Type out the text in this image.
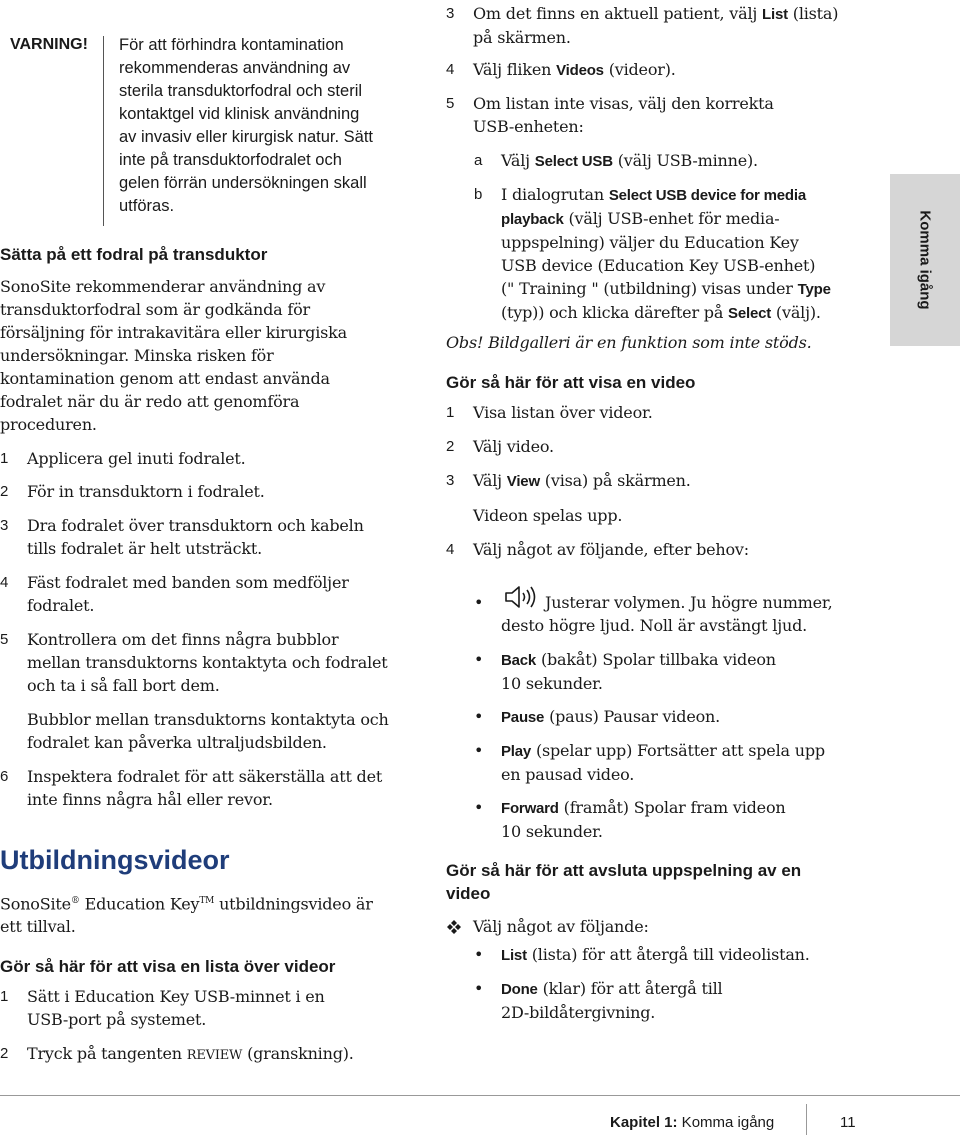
VARNING! För att förhindra kontamination
rekommenderas användning av
sterila transduktorfodral och steril
kontaktgel vid klinisk användning
av invasiv eller kirurgisk natur. Sätt
inte på transduktorfodralet och
gelen förrän undersökningen skall
utföras.
Sätta på ett fodral på transduktor
SonoSite rekommenderar användning av
transduktorfodral som är godkända för
försäljning för intrakavitära eller kirurgiska
undersökningar. Minska risken för
kontamination genom att endast använda
fodralet när du är redo att genomföra
proceduren.
1 Applicera gel inuti fodralet.
2 För in transduktorn i fodralet.
3 Dra fodralet över transduktorn och kabeln
tills fodralet är helt utsträckt.
4 Fäst fodralet med banden som medföljer
fodralet.
5 Kontrollera om det finns några bubblor
mellan transduktorns kontaktyta och fodralet
och ta i så fall bort dem.
Bubblor mellan transduktorns kontaktyta och
fodralet kan påverka ultraljudsbilden.
6 Inspektera fodralet för att säkerställa att det
inte finns några hål eller revor.
Utbildningsvideor
SonoSite® Education Key™ utbildningsvideo är
ett tillval.
Gör så här för att visa en lista över videor
1 Sätt i Education Key USB-minnet i en
USB-port på systemet.
2 Tryck på tangenten REVIEW (granskning).
3 Om det finns en aktuell patient, välj List (lista)
på skärmen.
4 Välj fliken Videos (videor).
5 Om listan inte visas, välj den korrekta
USB-enheten:
a Välj Select USB (välj USB-minne).
b I dialogrutan Select USB device for media
playback (välj USB-enhet för media-
uppspelning) väljer du Education Key
USB device (Education Key USB-enhet)
(" Training " (utbildning) visas under Type
(typ)) och klicka därefter på Select (välj).
Obs! Bildgalleri är en funktion som inte stöds.
Gör så här för att visa en video
1 Visa listan över videor.
2 Välj video.
3 Välj View (visa) på skärmen.
Videon spelas upp.
4 Välj något av följande, efter behov:
•	Justerar volymen. Ju högre nummer,
desto högre ljud. Noll är avstängt ljud.
• Back (bakåt) Spolar tillbaka videon
10 sekunder.
• Pause (paus) Pausar videon.
• Play (spelar upp) Fortsätter att spela upp
en pausad video.
• Forward (framåt) Spolar fram videon
10 sekunder.
Gör så här för att avsluta uppspelning av en
video
Välj något av följande:
• List (lista) för att återgå till videolistan.
• Done (klar) för att återgå till
2D-bildåtergivning.
Komma igång
Kapitel 1: Komma igång	11
